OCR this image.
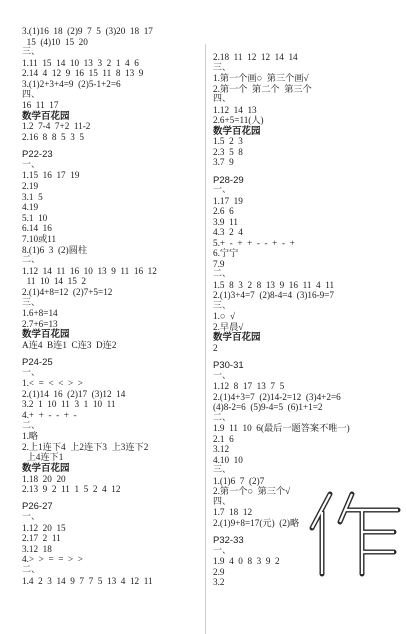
3.(1)16  18  (2)9  7  5  (3)20  18  17
15  (4)10  15  20
三、
1.11  15  14  10  13  3  2  1  4  6
2.14  4  12  9  16  15  11  8  13  9
3.(1)2+3+4=9  (2)5-1+2=6
四、
16  11  17
数学百花园
1.2  7-4  7+2  11-2
2.16  8  8  5  3  5
P22-23
一、
1.15  16  17  19
2.19
3.1  5
4.19
5.1  10
6.14  16
7.10或11
8.(1)6  3  (2)圆柱
二、
1.12  14  11  16  10  13  9  11  16  12
11  10  14  15  2
2.(1)4+8=12  (2)7+5=12
三、
1.6+8=14
2.7+6=13
数学百花园
A连4  B连1  C连3  D连2
P24-25
一、
1.<  =  <  <  >  >
2.(1)14  16  (2)17  (3)12  14
3.2  1  10  11  3  1  10  11
4.+  +  -  -  +  -
二、
1.略
2.上1连下4  上2连下3  上3连下2
上4连下1
数学百花园
1.18  20  20
2.13  9  2  11  1  5  2  4  12
P26-27
一、
1.12  20  15
2.17  2  11
3.12  18
4.>  >  =  =  >  >
二、
1.4  2  3  14  9  7  7  5  13  4  12  11
2.18  11  12  12  14  14
三、
1.第一个画○  第三个画√
2.第一个  第二个  第三个
四、
1.12  14  13
2.6+5=11(人)
数学百花园
1.5  2  3
2.3  5  8
3.7  9
P28-29
一、
1.17  19
2.6  6
3.9  11
4.3  2  4
5.+  -  +  +  -  -  +  -  +
6.宁宁
7.9
二、
1.5  8  3  2  8  13  9  16  11  4  11
2.(1)3+4=7  (2)8-4=4  (3)16-9=7
三、
1.○  √
2.早晨√
数学百花园
2
P30-31
一、
1.12  8  17  13  7  5
2.(1)4+3=7  (2)14-2=12  (3)4+2=6
(4)8-2=6  (5)9-4=5  (6)1+1=2
二、
1.9  11  10  6(最后一题答案不唯一)
2.1  6
3.12
4.10  10
三、
1.(1)6  7  (2)7
2.第一个○  第三个√
四、
1.7  18  12
2.(1)9+8=17(元)  (2)略
P32-33
一、
1.9  4  0  8  3  9  2
2.9
3.2
